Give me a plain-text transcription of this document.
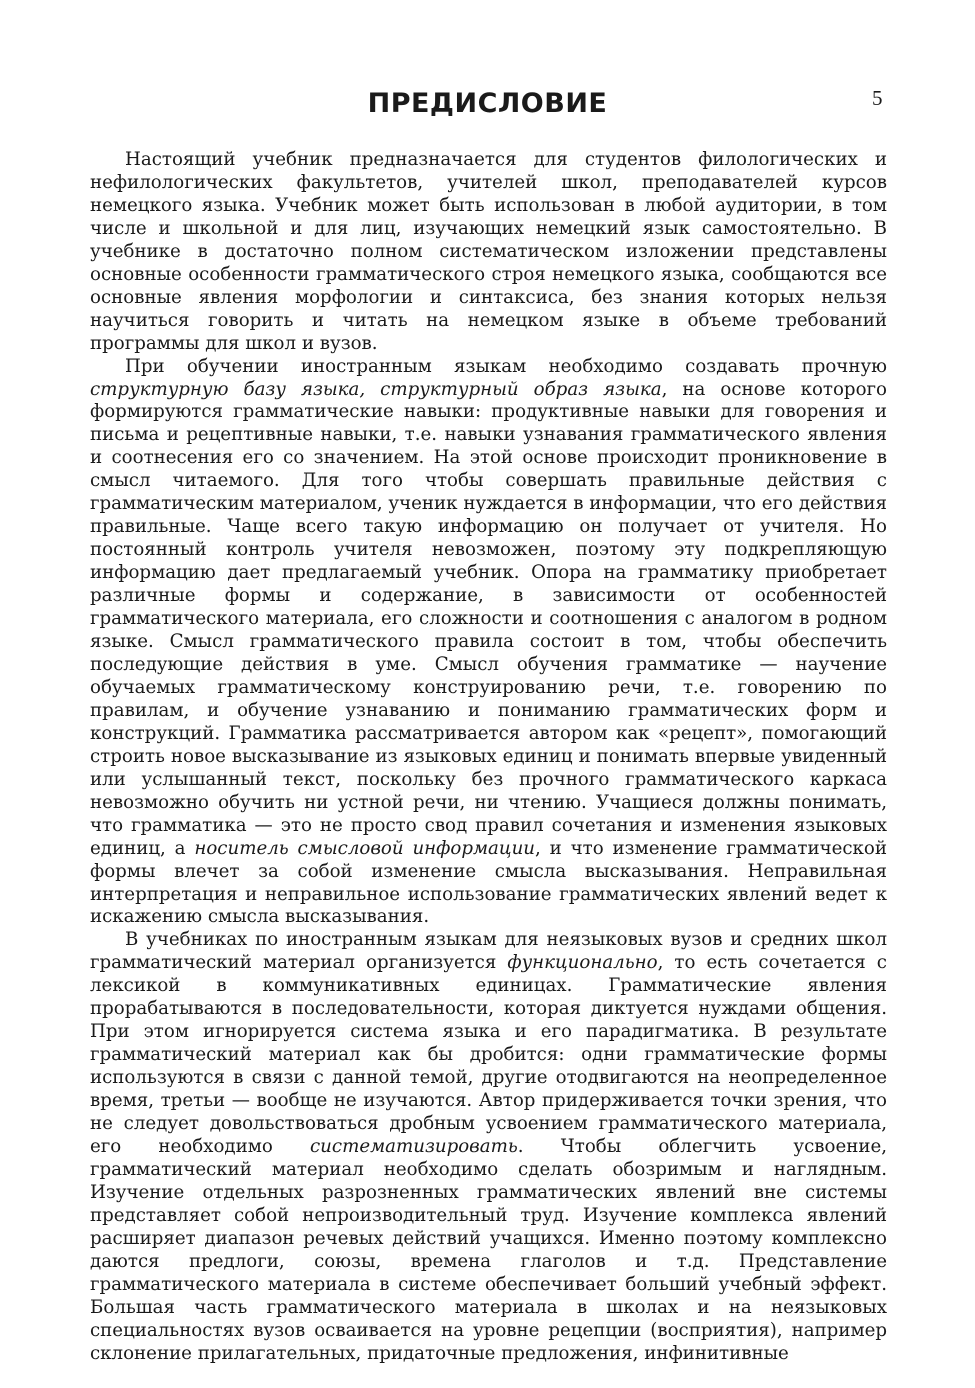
5
ПРЕДИСЛОВИЕ

Настоящий учебник предназначается для студентов филологических и нефилологических факультетов, учителей школ, преподавателей курсов немецкого языка. Учебник может быть использован в любой аудитории, в том числе и школьной и для лиц, изучающих немецкий язык самостоятельно. В учебнике в достаточно полном систематическом изложении представлены основные особенности грамматического строя немецкого языка, сообщаются все основные явления морфологии и синтаксиса, без знания которых нельзя научиться говорить и читать на немецком языке в объеме требований программы для школ и вузов.

При обучении иностранным языкам необходимо создавать прочную структурную базу языка, структурный образ языка, на основе которого формируются грамматические навыки: продуктивные навыки для говорения и письма и рецептивные навыки, т.е. навыки узнавания грамматического явления и соотнесения его со значением. На этой основе происходит проникновение в смысл читаемого. Для того чтобы совершать правильные действия с грамматическим материалом, ученик нуждается в информации, что его действия правильные. Чаще всего такую информацию он получает от учителя. Но постоянный контроль учителя невозможен, поэтому эту подкрепляющую информацию дает предлагаемый учебник. Опора на грамматику приобретает различные формы и содержание, в зависимости от особенностей грамматического материала, его сложности и соотношения с аналогом в родном языке. Смысл грамматического правила состоит в том, чтобы обеспечить последующие действия в уме. Смысл обучения грамматике — научение обучаемых грамматическому конструированию речи, т.е. говорению по правилам, и обучение узнаванию и пониманию грамматических форм и конструкций. Грамматика рассматривается автором как «рецепт», помогающий строить новое высказывание из языковых единиц и понимать впервые увиденный или услышанный текст, поскольку без прочного грамматического каркаса невозможно обучить ни устной речи, ни чтению. Учащиеся должны понимать, что грамматика — это не просто свод правил сочетания и изменения языковых единиц, а носитель смысловой информации, и что изменение грамматической формы влечет за собой изменение смысла высказывания. Неправильная интерпретация и неправильное использование грамматических явлений ведет к искажению смысла высказывания.

В учебниках по иностранным языкам для неязыковых вузов и средних школ грамматический материал организуется функционально, то есть сочетается с лексикой в коммуникативных единицах. Грамматические явления прорабатываются в последовательности, которая диктуется нуждами общения. При этом игнорируется система языка и его парадигматика. В результате грамматический материал как бы дробится: одни грамматические формы используются в связи с данной темой, другие отодвигаются на неопределенное время, третьи — вообще не изучаются. Автор придерживается точки зрения, что не следует довольствоваться дробным усвоением грамматического материала, его необходимо систематизировать. Чтобы облегчить усвоение, грамматический материал необходимо сделать обозримым и наглядным. Изучение отдельных разрозненных грамматических явлений вне системы представляет собой непроизводительный труд. Изучение комплекса явлений расширяет диапазон речевых действий учащихся. Именно поэтому комплексно даются предлоги, союзы, времена глаголов и т.д. Представление грамматического материала в системе обеспечивает больший учебный эффект. Большая часть грамматического материала в школах и на неязыковых специальностях вузов осваивается на уровне рецепции (восприятия), например склонение прилагательных, придаточные предложения, инфинитивные
